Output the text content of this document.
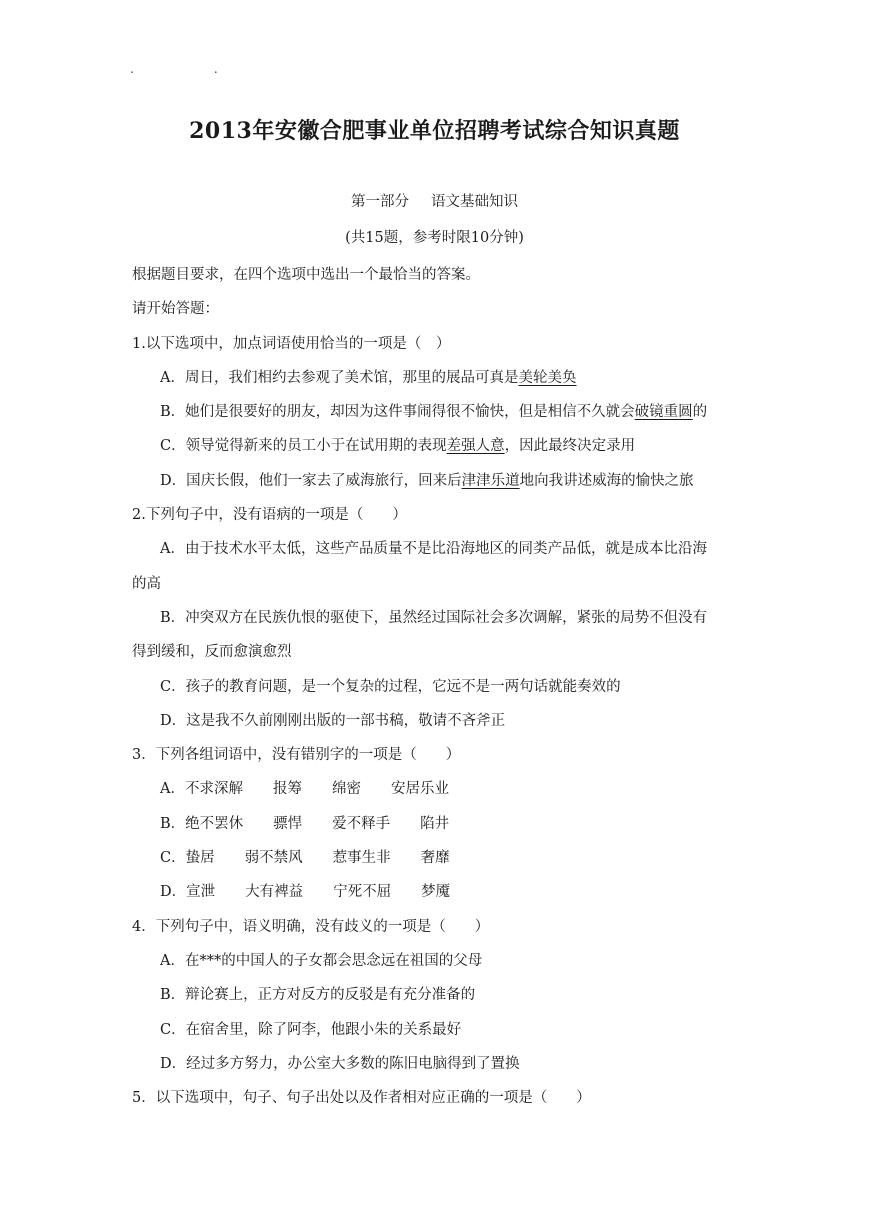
.	.
2013年安徽合肥事业单位招聘考试综合知识真题
第一部分 语文基础知识
(共15题，参考时限10分钟)
根据题目要求，在四个选项中选出一个最恰当的答案。
请开始答题：
1.以下选项中，加点词语使用恰当的一项是（　）
A．周日，我们相约去参观了美术馆，那里的展品可真是美轮美奂
B．她们是很要好的朋友，却因为这件事闹得很不愉快，但是相信不久就会破镜重圆的
C．领导觉得新来的员工小于在试用期的表现差强人意，因此最终决定录用
D．国庆长假，他们一家去了威海旅行，回来后津津乐道地向我讲述威海的愉快之旅
2.下列句子中，没有语病的一项是（　　）
A．由于技术水平太低，这些产品质量不是比沿海地区的同类产品低，就是成本比沿海
的高
B．冲突双方在民族仇恨的驱使下，虽然经过国际社会多次调解，紧张的局势不但没有
得到缓和，反而愈演愈烈
C．孩子的教育问题，是一个复杂的过程，它远不是一两句话就能奏效的
D．这是我不久前刚刚出版的一部书稿，敬请不吝斧正
3．下列各组词语中，没有错别字的一项是（　　）
A．不求深解 报筹 绵密 安居乐业
B．绝不罢休 骠悍 爱不释手 陷井
C．蛰居 弱不禁风 惹事生非 奢靡
D．宣泄 大有裨益 宁死不屈 梦魇
4．下列句子中，语义明确，没有歧义的一项是（　　）
A．在***的中国人的子女都会思念远在祖国的父母
B．辩论赛上，正方对反方的反驳是有充分准备的
C．在宿舍里，除了阿李，他跟小朱的关系最好
D．经过多方努力，办公室大多数的陈旧电脑得到了置换
5．以下选项中，句子、句子出处以及作者相对应正确的一项是（　　）
